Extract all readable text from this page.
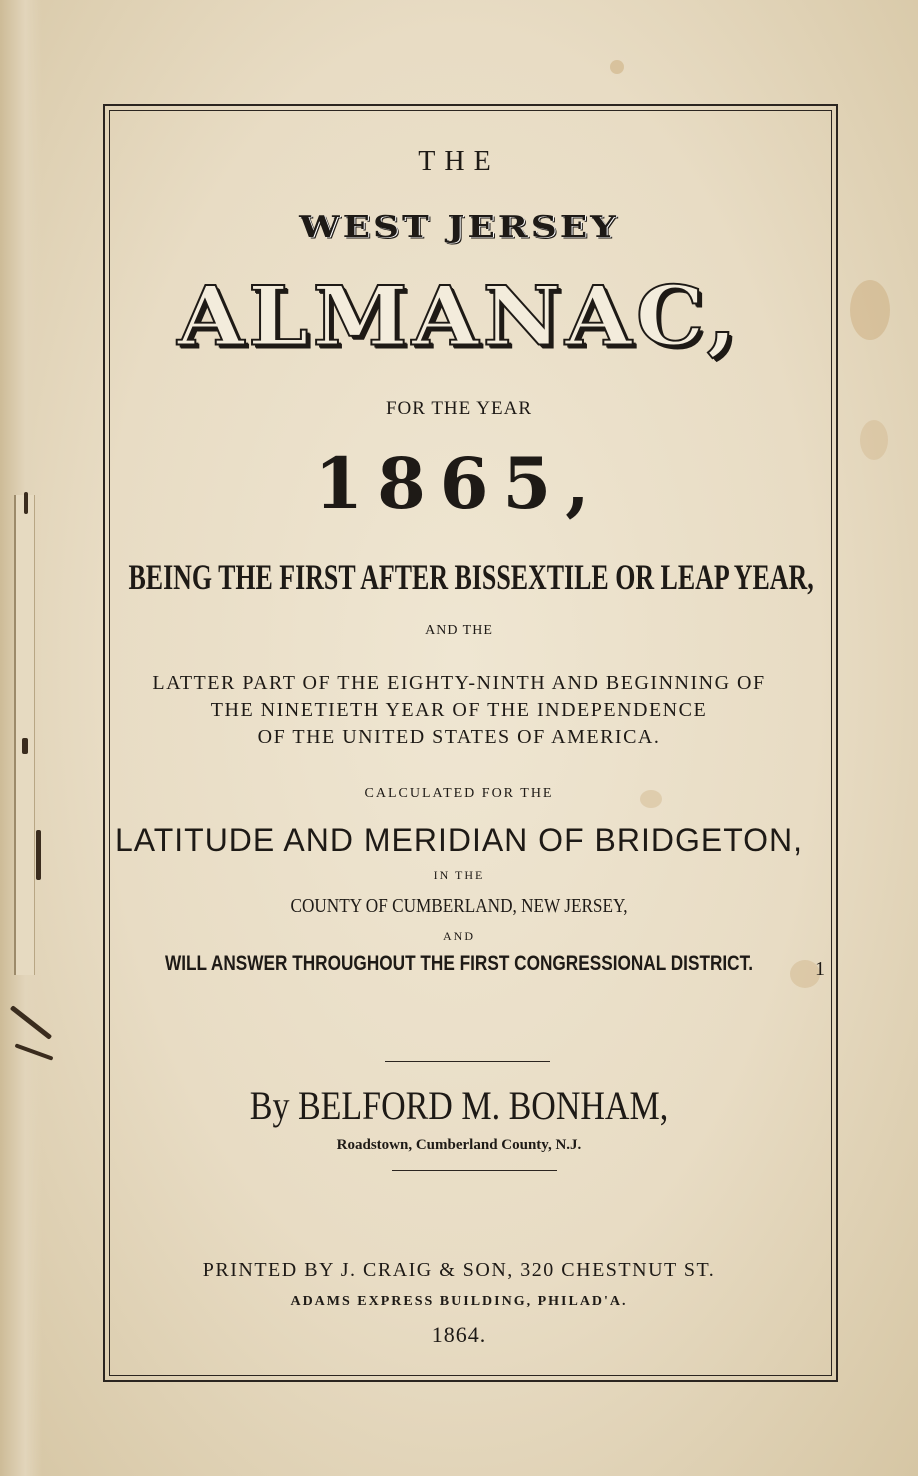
THE
WEST JERSEY
ALMANAC,
FOR THE YEAR
1865,
BEING THE FIRST AFTER BISSEXTILE OR LEAP YEAR,
AND THE
LATTER PART OF THE EIGHTY-NINTH AND BEGINNING OF
THE NINETIETH YEAR OF THE INDEPENDENCE
OF THE UNITED STATES OF AMERICA.
CALCULATED FOR THE
LATITUDE AND MERIDIAN OF BRIDGETON,
IN THE
COUNTY OF CUMBERLAND, NEW JERSEY,
AND
WILL ANSWER THROUGHOUT THE FIRST CONGRESSIONAL DISTRICT.	1
By BELFORD M. BONHAM,
Roadstown, Cumberland County, N.J.
PRINTED BY J. CRAIG & SON, 320 CHESTNUT ST.
ADAMS EXPRESS BUILDING, PHILAD'A.
1864.
